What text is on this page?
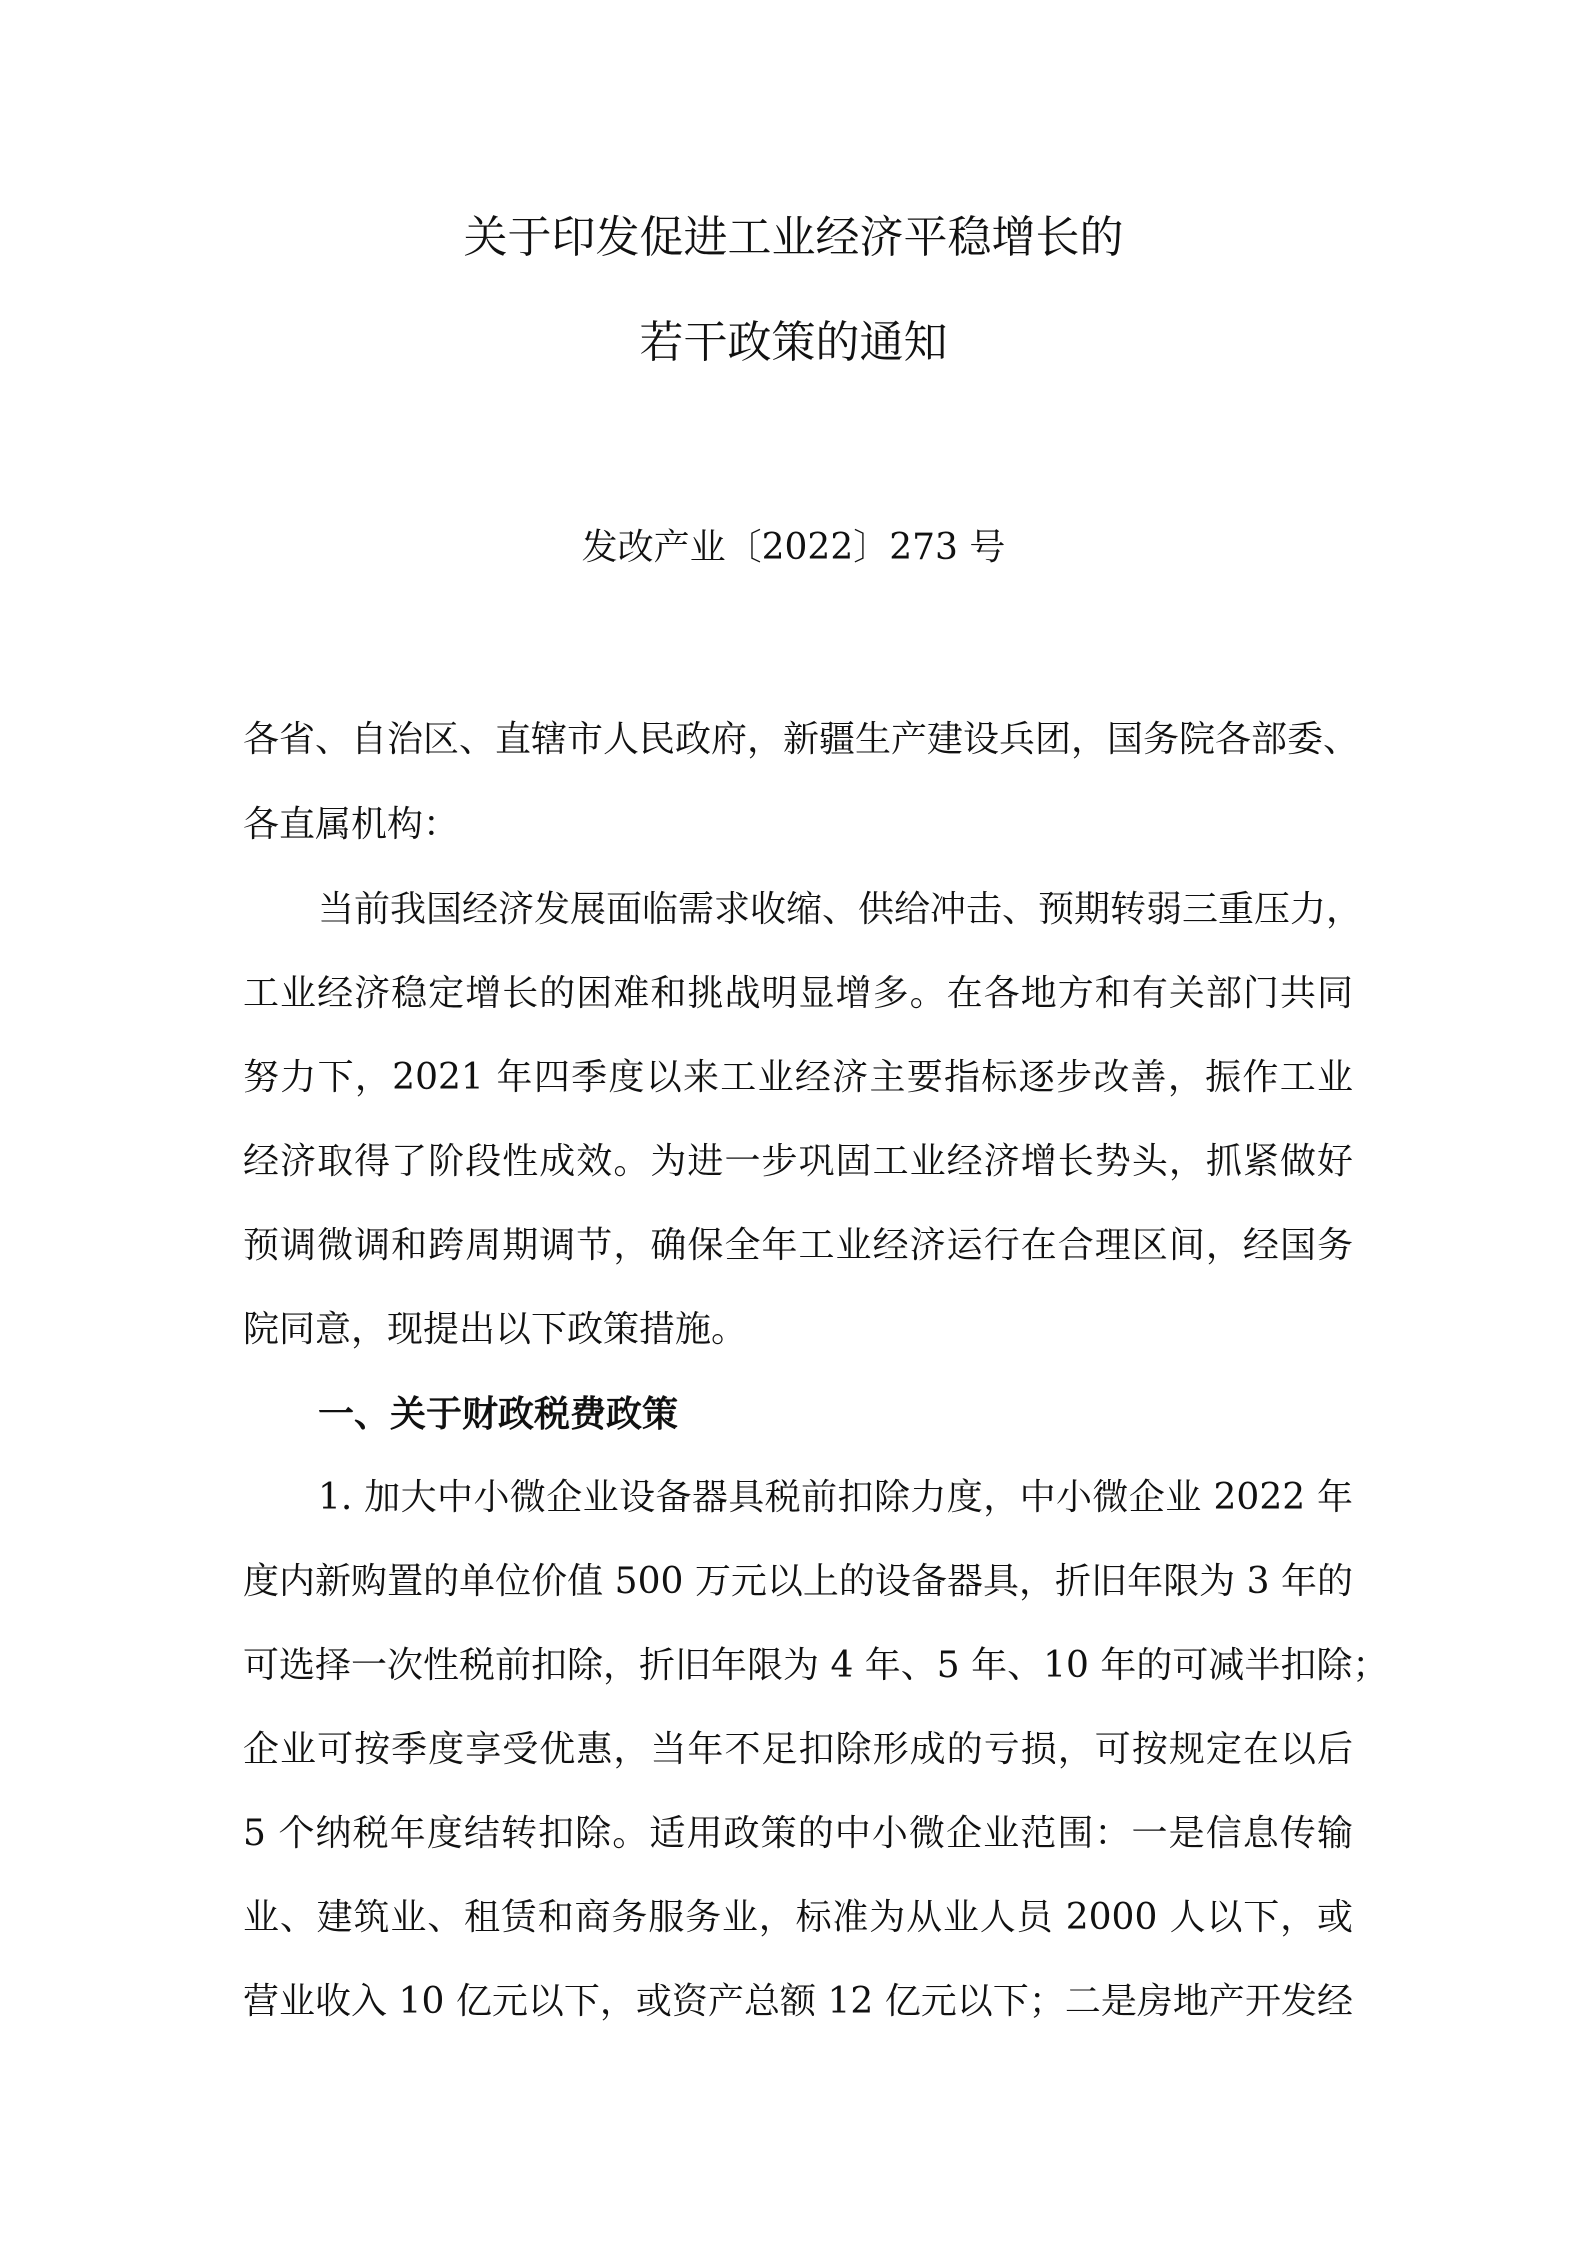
关于印发促进工业经济平稳增长的
若干政策的通知
发改产业〔2022〕273 号
各省、自治区、直辖市人民政府，新疆生产建设兵团，国务院各部委、
各直属机构：
当前我国经济发展面临需求收缩、供给冲击、预期转弱三重压力，
工业经济稳定增长的困难和挑战明显增多。在各地方和有关部门共同
努力下，2021 年四季度以来工业经济主要指标逐步改善，振作工业
经济取得了阶段性成效。为进一步巩固工业经济增长势头，抓紧做好
预调微调和跨周期调节，确保全年工业经济运行在合理区间，经国务
院同意，现提出以下政策措施。
一、关于财政税费政策
1. 加大中小微企业设备器具税前扣除力度，中小微企业 2022 年
度内新购置的单位价值 500 万元以上的设备器具，折旧年限为 3 年的
可选择一次性税前扣除，折旧年限为 4 年、5 年、10 年的可减半扣除；
企业可按季度享受优惠，当年不足扣除形成的亏损，可按规定在以后
5 个纳税年度结转扣除。适用政策的中小微企业范围：一是信息传输
业、建筑业、租赁和商务服务业，标准为从业人员 2000 人以下，或
营业收入 10 亿元以下，或资产总额 12 亿元以下；二是房地产开发经
